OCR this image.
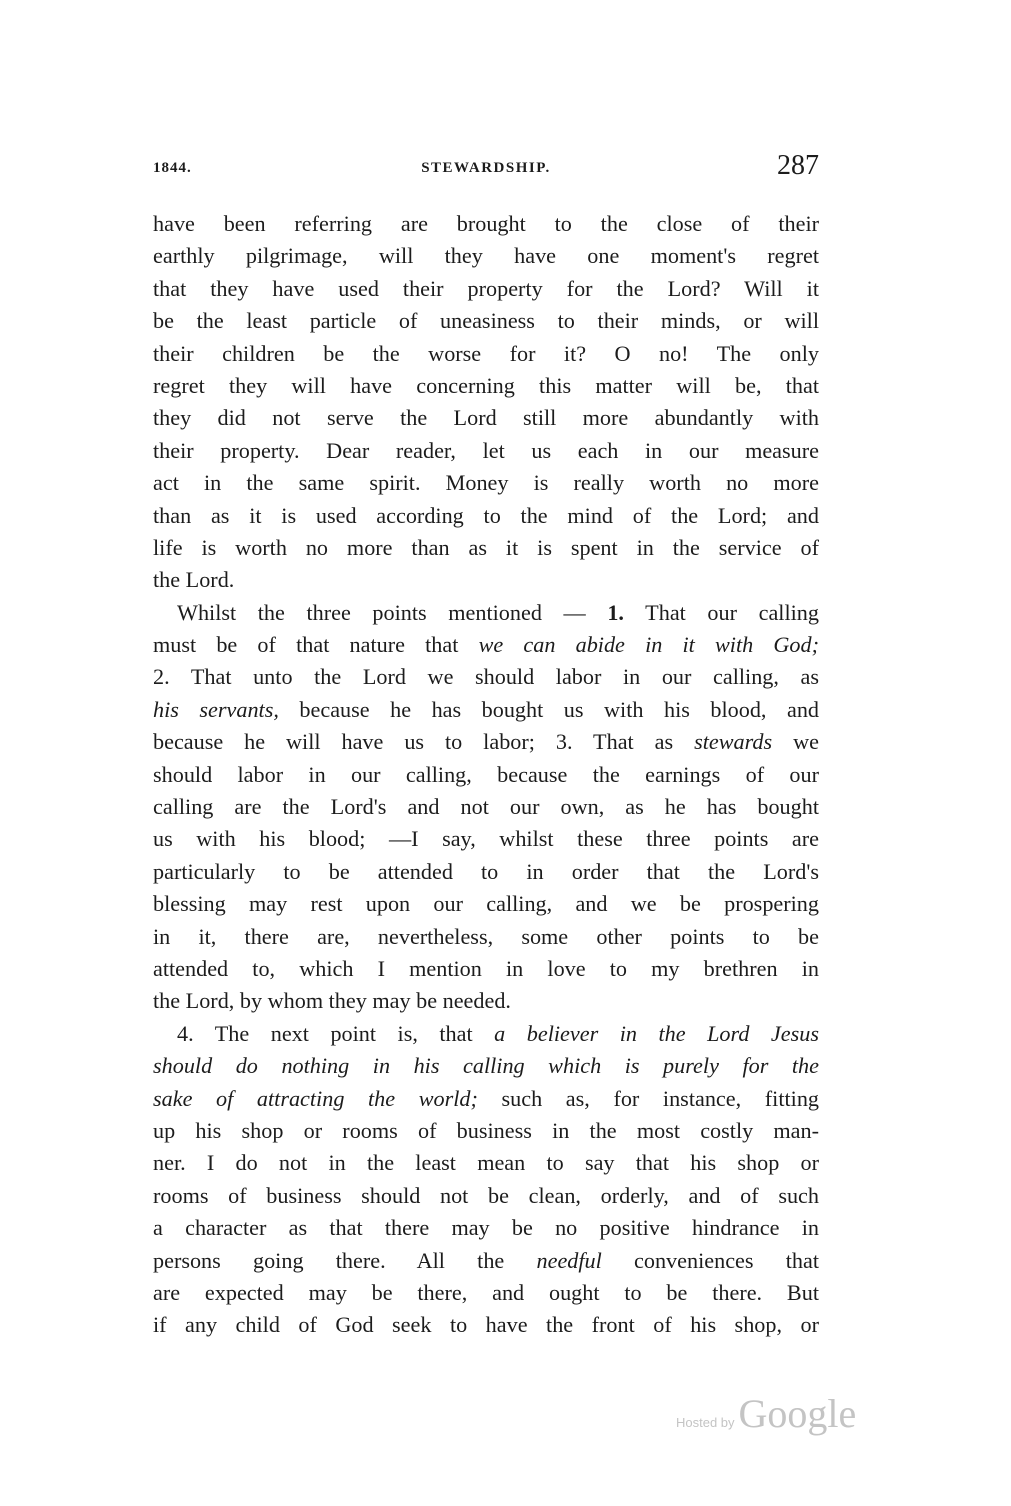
1844.	STEWARDSHIP.	287
have been referring are brought to the close of their
earthly pilgrimage, will they have one moment's regret
that they have used their property for the Lord? Will it
be the least particle of uneasiness to their minds, or will
their children be the worse for it? O no! The only
regret they will have concerning this matter will be, that
they did not serve the Lord still more abundantly with
their property. Dear reader, let us each in our measure
act in the same spirit. Money is really worth no more
than as it is used according to the mind of the Lord; and
life is worth no more than as it is spent in the service of
the Lord.
Whilst the three points mentioned — 1. That our calling
must be of that nature that we can abide in it with God;
2. That unto the Lord we should labor in our calling, as
his servants, because he has bought us with his blood, and
because he will have us to labor; 3. That as stewards we
should labor in our calling, because the earnings of our
calling are the Lord's and not our own, as he has bought
us with his blood; —I say, whilst these three points are
particularly to be attended to in order that the Lord's
blessing may rest upon our calling, and we be prospering
in it, there are, nevertheless, some other points to be
attended to, which I mention in love to my brethren in
the Lord, by whom they may be needed.
4. The next point is, that a believer in the Lord Jesus
should do nothing in his calling which is purely for the
sake of attracting the world; such as, for instance, fitting
up his shop or rooms of business in the most costly man-
ner. I do not in the least mean to say that his shop or
rooms of business should not be clean, orderly, and of such
a character as that there may be no positive hindrance in
persons going there. All the needful conveniences that
are expected may be there, and ought to be there. But
if any child of God seek to have the front of his shop, or
Hosted by Google
